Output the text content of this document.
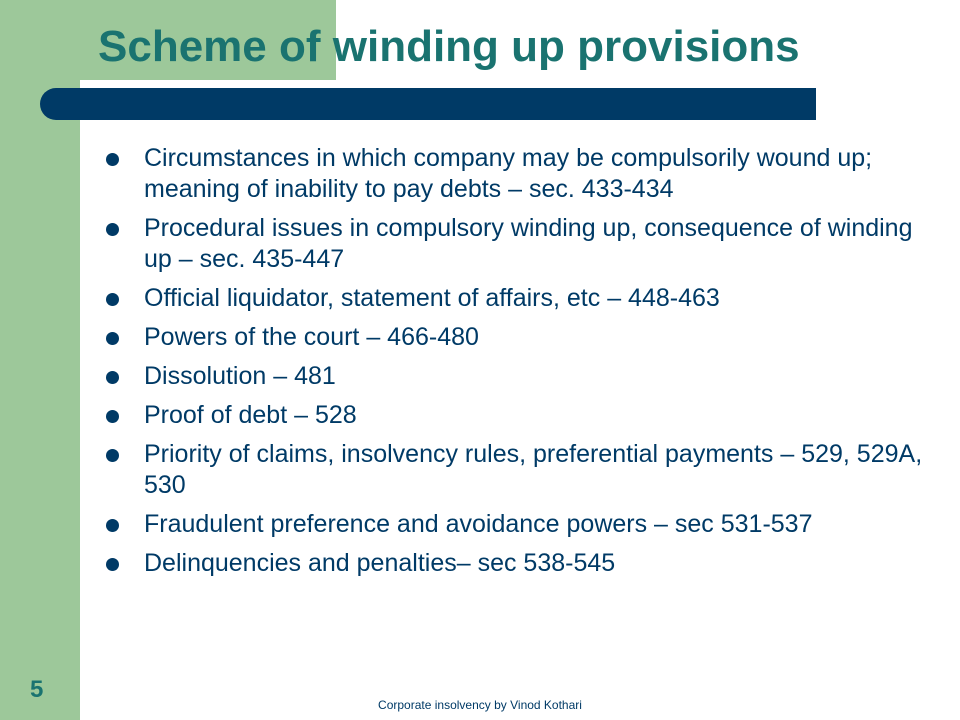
Scheme of winding up provisions
Circumstances in which company may be compulsorily wound up; meaning of inability to pay debts – sec. 433-434
Procedural issues in compulsory winding up, consequence of winding up – sec. 435-447
Official liquidator, statement of affairs, etc – 448-463
Powers of the court – 466-480
Dissolution – 481
Proof of debt – 528
Priority of claims, insolvency rules, preferential payments – 529, 529A, 530
Fraudulent preference and avoidance powers – sec 531-537
Delinquencies and penalties– sec 538-545
5
Corporate insolvency by Vinod Kothari
